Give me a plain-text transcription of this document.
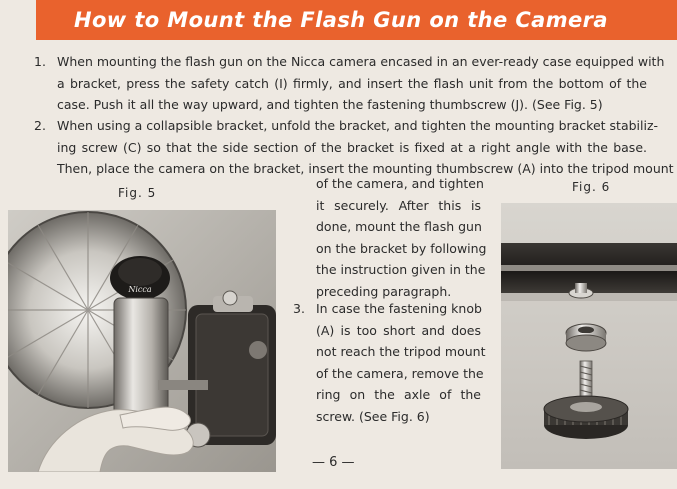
How to Mount the Flash Gun on the Camera
1. When mounting the flash gun on the Nicca camera encased in an ever-ready case equipped with
a bracket, press the safety catch (I) firmly, and insert the flash unit from the bottom of the
case. Push it all the way upward, and tighten the fastening thumbscrew (J). (See Fig. 5)
2. When using a collapsible bracket, unfold the bracket, and tighten the mounting bracket stabiliz-
ing screw (C) so that the side section of the bracket is fixed at a right angle with the base.
Then, place the camera on the bracket, insert the mounting thumbscrew (A) into the tripod mount
of the camera, and tighten
it securely. After this is
done, mount the flash gun
on the bracket by following
the instruction given in the
preceding paragraph.
3. In case the fastening knob
(A) is too short and does
not reach the tripod mount
of the camera, remove the
ring on the axle of the
screw. (See Fig. 6)
Fig. 5	Fig. 6
Nicca
— 6 —
